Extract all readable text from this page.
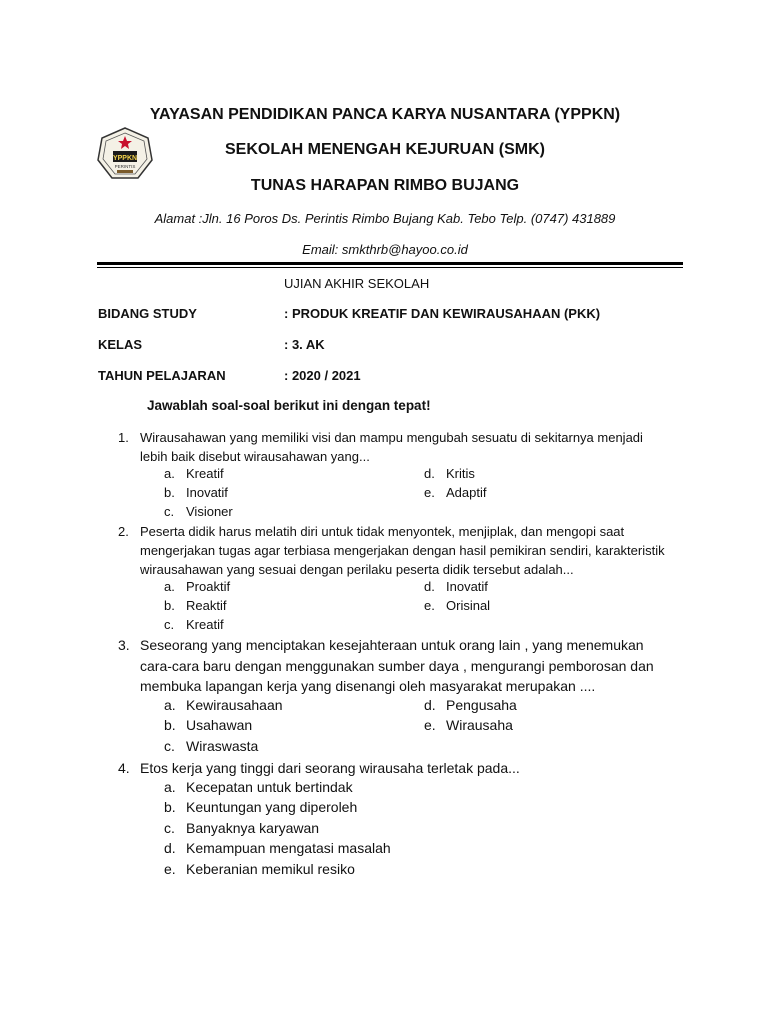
YPPKN
PERINTIS
YAYASAN PENDIDIKAN PANCA KARYA NUSANTARA (YPPKN)
SEKOLAH MENENGAH KEJURUAN (SMK)
TUNAS HARAPAN RIMBO BUJANG
Alamat :Jln. 16 Poros Ds. Perintis Rimbo Bujang Kab. Tebo Telp. (0747) 431889
Email: smkthrb@hayoo.co.id
UJIAN AKHIR SEKOLAH
BIDANG STUDY	: PRODUK KREATIF DAN KEWIRAUSAHAAN (PKK)
KELAS	: 3. AK
TAHUN PELAJARAN	: 2020 / 2021
Jawablah soal-soal berikut ini dengan tepat!
1. Wirausahawan yang memiliki visi dan mampu mengubah sesuatu di sekitarnya menjadi
lebih baik disebut wirausahawan yang...
a. Kreatif
b. Inovatif
c. Visioner
d. Kritis
e. Adaptif
2. Peserta didik harus melatih diri untuk tidak menyontek, menjiplak, dan mengopi saat
mengerjakan tugas agar terbiasa mengerjakan dengan hasil pemikiran sendiri, karakteristik
wirausahawan yang sesuai dengan perilaku peserta didik tersebut adalah...
a. Proaktif
b. Reaktif
c. Kreatif
d. Inovatif
e. Orisinal
3. Seseorang yang menciptakan kesejahteraan untuk orang lain , yang menemukan
cara-cara baru dengan menggunakan sumber daya , mengurangi pemborosan dan
membuka lapangan kerja yang disenangi oleh masyarakat merupakan ....
a. Kewirausahaan
b. Usahawan
c. Wiraswasta
d. Pengusaha
e. Wirausaha
4. Etos kerja yang tinggi dari seorang wirausaha terletak pada...
a. Kecepatan untuk bertindak
b. Keuntungan yang diperoleh
c. Banyaknya karyawan
d. Kemampuan mengatasi masalah
e. Keberanian memikul resiko
